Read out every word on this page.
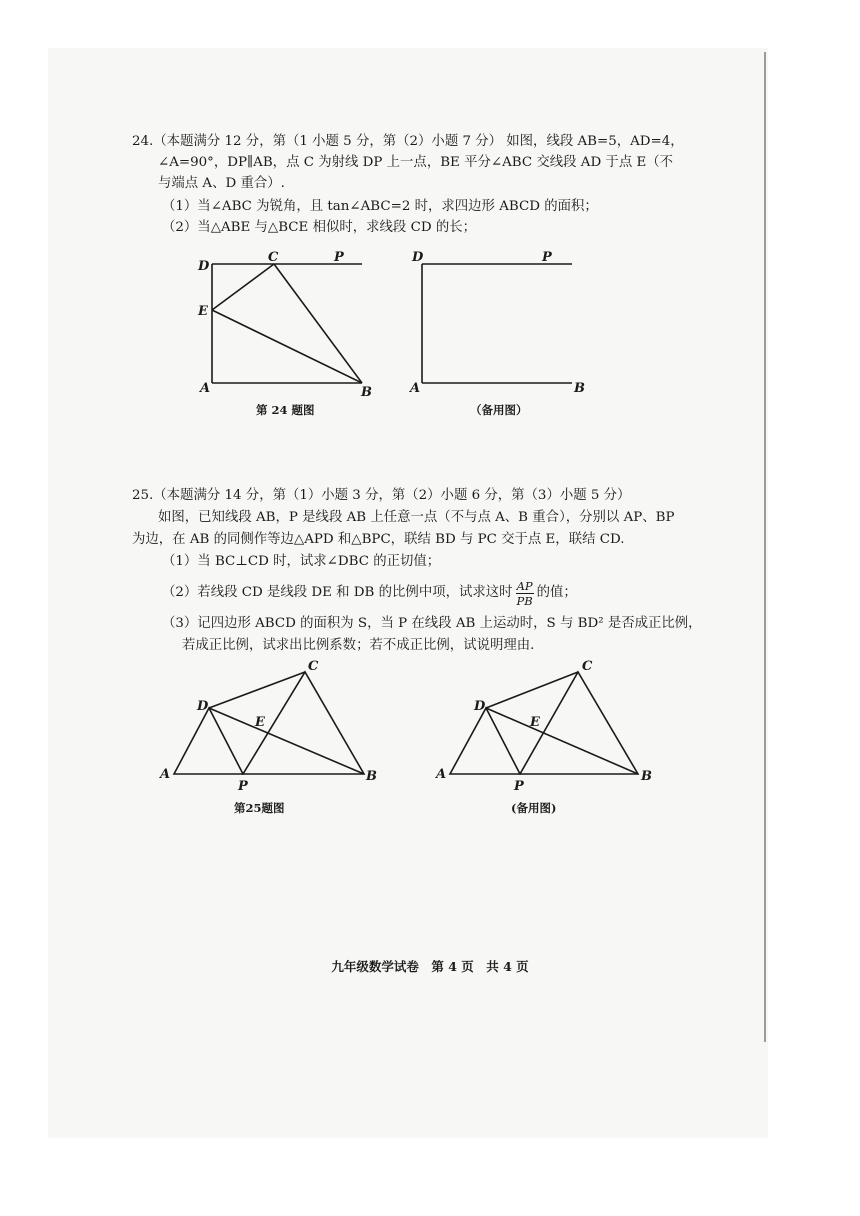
24.（本题满分 12 分，第（1 小题 5 分，第（2）小题 7 分） 如图，线段 AB=5，AD=4，
∠A=90°，DP∥AB，点 C 为射线 DP 上一点，BE 平分∠ABC 交线段 AD 于点 E（不
与端点 A、D 重合）.
（1）当∠ABC 为锐角，且 tan∠ABC=2 时，求四边形 ABCD 的面积；
（2）当△ABE 与△BCE 相似时，求线段 CD 的长；
D
C	P
E
A	B
D	P
A	B
第 24 题图	（备用图）
25.（本题满分 14 分，第（1）小题 3 分，第（2）小题 6 分，第（3）小题 5 分）
如图，已知线段 AB，P 是线段 AB 上任意一点（不与点 A、B 重合），分别以 AP、BP
为边，在 AB 的同侧作等边△APD 和△BPC，联结 BD 与 PC 交于点 E，联结 CD.
（1）当 BC⊥CD 时，试求∠DBC 的正切值；
（2）若线段 CD 是线段 DE 和 DB 的比例中项，试求这时 $\frac{AP}{PB}$ 的值；
（3）记四边形 ABCD 的面积为 S，当 P 在线段 AB 上运动时，S 与 BD² 是否成正比例，
若成正比例，试求出比例系数；若不成正比例，试说明理由.
A
P
B
D
C
E
A
P
B
D
C
E
第25题图	(备用图)
九年级数学试卷　第 4 页　共 4 页
